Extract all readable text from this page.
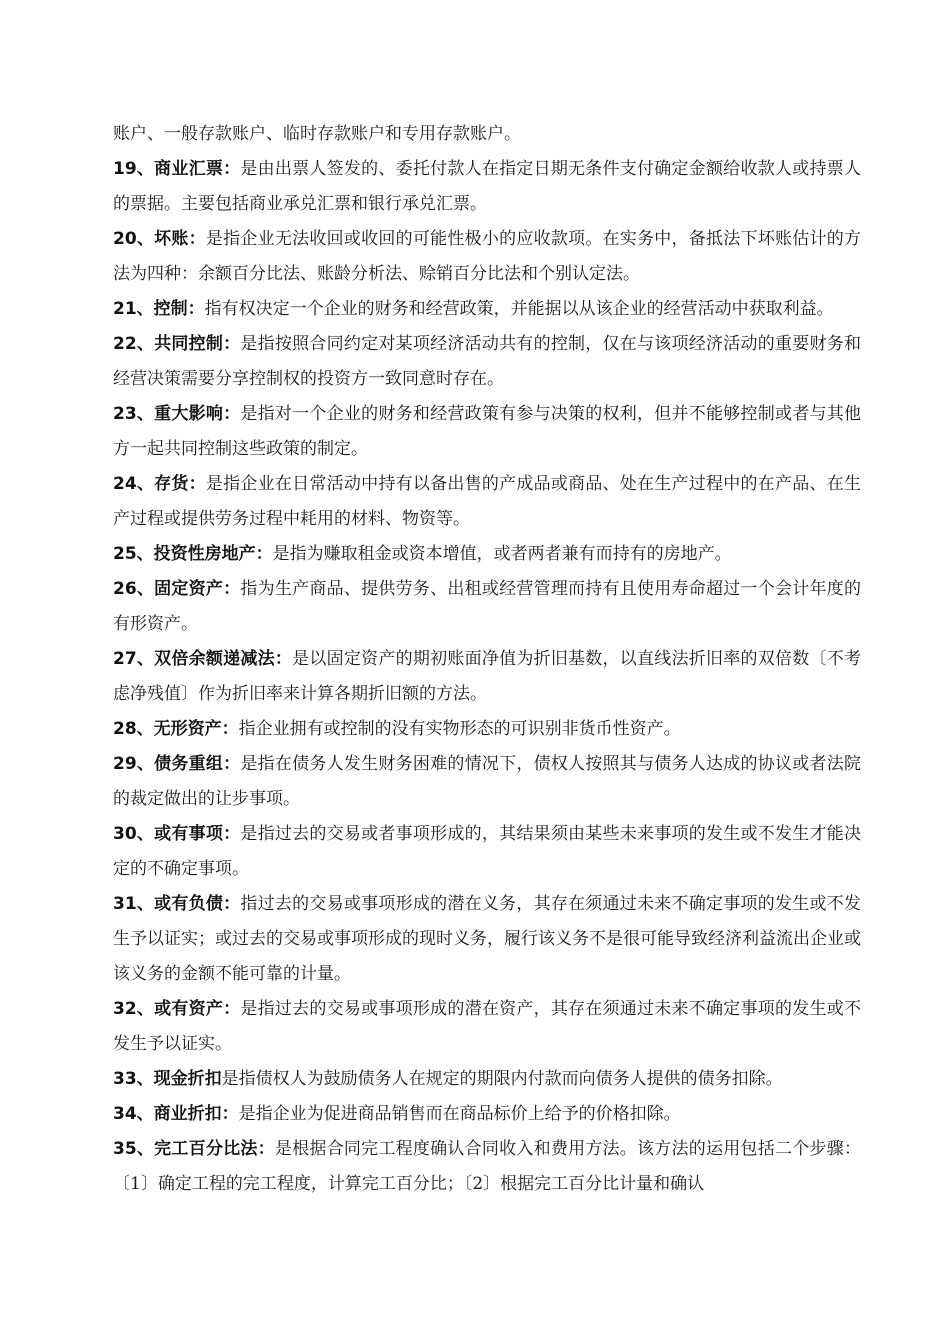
账户、一般存款账户、临时存款账户和专用存款账户。

19、商业汇票：是由出票人签发的、委托付款人在指定日期无条件支付确定金额给收款人或持票人的票据。主要包括商业承兑汇票和银行承兑汇票。

20、坏账：是指企业无法收回或收回的可能性极小的应收款项。在实务中，备抵法下坏账估计的方法为四种：余额百分比法、账龄分析法、赊销百分比法和个别认定法。

21、控制：指有权决定一个企业的财务和经营政策，并能据以从该企业的经营活动中获取利益。

22、共同控制：是指按照合同约定对某项经济活动共有的控制，仅在与该项经济活动的重要财务和经营决策需要分享控制权的投资方一致同意时存在。

23、重大影响：是指对一个企业的财务和经营政策有参与决策的权利，但并不能够控制或者与其他方一起共同控制这些政策的制定。

24、存货：是指企业在日常活动中持有以备出售的产成品或商品、处在生产过程中的在产品、在生产过程或提供劳务过程中耗用的材料、物资等。

25、投资性房地产：是指为赚取租金或资本增值，或者两者兼有而持有的房地产。

26、固定资产：指为生产商品、提供劳务、出租或经营管理而持有且使用寿命超过一个会计年度的有形资产。

27、双倍余额递减法：是以固定资产的期初账面净值为折旧基数，以直线法折旧率的双倍数〔不考虑净残值〕作为折旧率来计算各期折旧额的方法。

28、无形资产：指企业拥有或控制的没有实物形态的可识别非货币性资产。

29、债务重组：是指在债务人发生财务困难的情况下，债权人按照其与债务人达成的协议或者法院的裁定做出的让步事项。

30、或有事项：是指过去的交易或者事项形成的，其结果须由某些未来事项的发生或不发生才能决定的不确定事项。

31、或有负债：指过去的交易或事项形成的潜在义务，其存在须通过未来不确定事项的发生或不发生予以证实；或过去的交易或事项形成的现时义务，履行该义务不是很可能导致经济利益流出企业或该义务的金额不能可靠的计量。

32、或有资产：是指过去的交易或事项形成的潜在资产，其存在须通过未来不确定事项的发生或不发生予以证实。

33、现金折扣是指债权人为鼓励债务人在规定的期限内付款而向债务人提供的债务扣除。

34、商业折扣：是指企业为促进商品销售而在商品标价上给予的价格扣除。

35、完工百分比法：是根据合同完工程度确认合同收入和费用方法。该方法的运用包括二个步骤：〔1〕确定工程的完工程度，计算完工百分比；〔2〕根据完工百分比计量和确认
